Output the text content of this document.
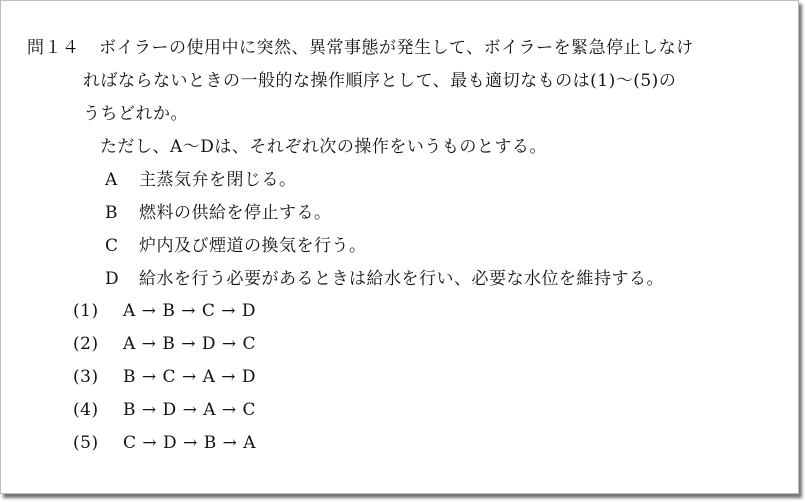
問１４ ボイラーの使用中に突然、異常事態が発生して、ボイラーを緊急停止しなけ
ればならないときの一般的な操作順序として、最も適切なものは(1)～(5)の
うちどれか。
ただし、A～Dは、それぞれ次の操作をいうものとする。
A 主蒸気弁を閉じる。
B 燃料の供給を停止する。
C 炉内及び煙道の換気を行う。
D 給水を行う必要があるときは給水を行い、必要な水位を維持する。
(1) A → B → C → D
(2) A → B → D → C
(3) B → C → A → D
(4) B → D → A → C
(5) C → D → B → A
